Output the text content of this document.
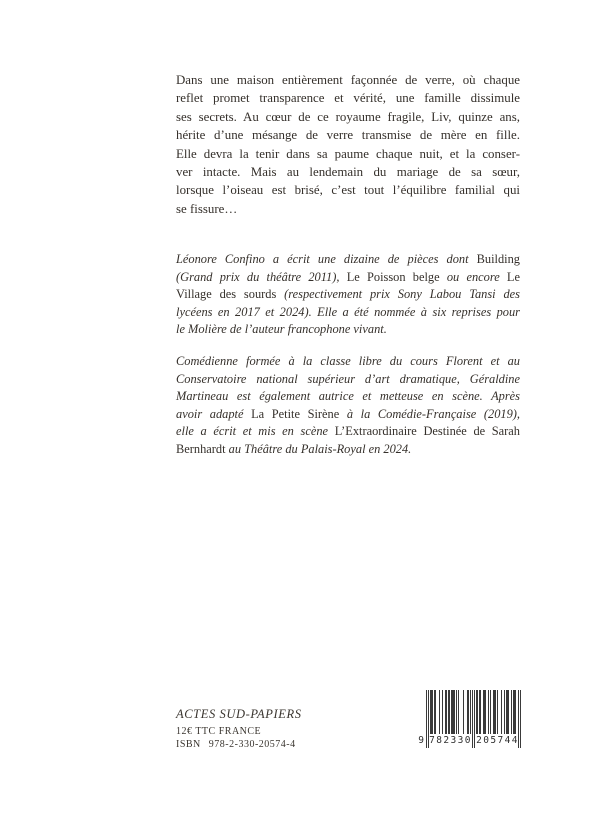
Dans une maison entièrement façonnée de verre, où chaque
reflet promet transparence et vérité, une famille dissimule
ses secrets. Au cœur de ce royaume fragile, Liv, quinze ans,
hérite d’une mésange de verre transmise de mère en fille.
Elle devra la tenir dans sa paume chaque nuit, et la conser-
ver intacte. Mais au lendemain du mariage de sa sœur,
lorsque l’oiseau est brisé, c’est tout l’équilibre familial qui
se fissure…
Léonore Confino a écrit une dizaine de pièces dont Building
(Grand prix du théâtre 2011), Le Poisson belge ou encore Le
Village des sourds (respectivement prix Sony Labou Tansi des
lycéens en 2017 et 2024). Elle a été nommée à six reprises pour
le Molière de l’auteur francophone vivant.
Comédienne formée à la classe libre du cours Florent et au
Conservatoire national supérieur d’art dramatique, Géraldine
Martineau est également autrice et metteuse en scène. Après
avoir adapté La Petite Sirène à la Comédie-Française (2019),
elle a écrit et mis en scène L’Extraordinaire Destinée de Sarah
Bernhardt au Théâtre du Palais-Royal en 2024.
ACTES SUD-PAPIERS
12€ TTC FRANCE
ISBN 978-2-330-20574-4	9 782330 205744
